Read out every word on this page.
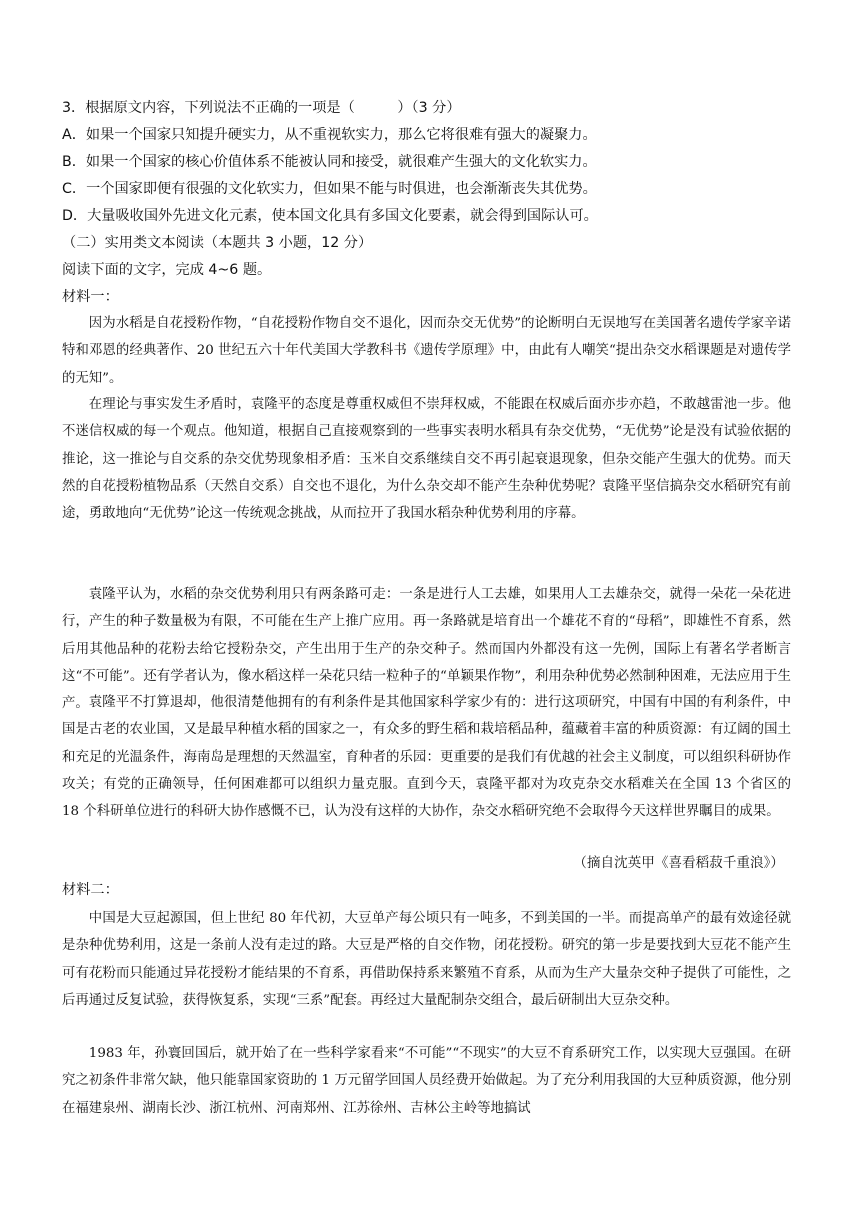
3．根据原文内容，下列说法不正确的一项是（　　　）（3 分）
A．如果一个国家只知提升硬实力，从不重视软实力，那么它将很难有强大的凝聚力。
B．如果一个国家的核心价值体系不能被认同和接受，就很难产生强大的文化软实力。
C．一个国家即便有很强的文化软实力，但如果不能与时俱进，也会渐渐丧失其优势。
D．大量吸收国外先进文化元素，使本国文化具有多国文化要素，就会得到国际认可。
（二）实用类文本阅读（本题共 3 小题，12 分）
阅读下面的文字，完成 4~6 题。
材料一：
因为水稻是自花授粉作物，“自花授粉作物自交不退化，因而杂交无优势”的论断明白无误地写在美国著名遗传学家辛诺特和邓恩的经典著作、20 世纪五六十年代美国大学教科书《遗传学原理》中，由此有人嘲笑“提出杂交水稻课题是对遗传学的无知”。
在理论与事实发生矛盾时，袁隆平的态度是尊重权威但不崇拜权威，不能跟在权威后面亦步亦趋，不敢越雷池一步。他不迷信权威的每一个观点。他知道，根据自己直接观察到的一些事实表明水稻具有杂交优势，“无优势”论是没有试验依据的推论，这一推论与自交系的杂交优势现象相矛盾：玉米自交系继续自交不再引起衰退现象，但杂交能产生强大的优势。而天然的自花授粉植物品系（天然自交系）自交也不退化，为什么杂交却不能产生杂种优势呢？袁隆平坚信搞杂交水稻研究有前途，勇敢地向“无优势”论这一传统观念挑战，从而拉开了我国水稻杂种优势利用的序幕。
袁隆平认为，水稻的杂交优势利用只有两条路可走：一条是进行人工去雄，如果用人工去雄杂交，就得一朵花一朵花进行，产生的种子数量极为有限，不可能在生产上推广应用。再一条路就是培育出一个雄花不育的“母稻”，即雄性不育系，然后用其他品种的花粉去给它授粉杂交，产生出用于生产的杂交种子。然而国内外都没有这一先例，国际上有著名学者断言这“不可能”。还有学者认为，像水稻这样一朵花只结一粒种子的“单颖果作物”，利用杂种优势必然制种困难，无法应用于生产。 袁隆平不打算退却，他很清楚他拥有的有利条件是其他国家科学家少有的：进行这项研究，中国有中国的有利条件，中国是古老的农业国，又是最早种植水稻的国家之一，有众多的野生稻和栽培稻品种，蕴藏着丰富的种质资源：有辽阔的国土和充足的光温条件，海南岛是理想的天然温室，育种者的乐园：更重要的是我们有优越的社会主义制度，可以组织科研协作攻关；有党的正确领导，任何困难都可以组织力量克服。直到今天，袁隆平都对为攻克杂交水稻难关在全国 13 个省区的 18 个科研单位进行的科研大协作感慨不已，认为没有这样的大协作，杂交水稻研究绝不会取得今天这样世界瞩目的成果。
（摘自沈英甲《喜看稻菽千重浪》）
材料二：
中国是大豆起源国，但上世纪 80 年代初，大豆单产每公顷只有一吨多，不到美国的一半。而提高单产的最有效途径就是杂种优势利用，这是一条前人没有走过的路。大豆是严格的自交作物，闭花授粉。研究的第一步是要找到大豆花不能产生可有花粉而只能通过异花授粉才能结果的不育系，再借助保持系来繁殖不育系，从而为生产大量杂交种子提供了可能性，之后再通过反复试验，获得恢复系，实现“三系”配套。再经过大量配制杂交组合，最后研制出大豆杂交种。
1983 年，孙寰回国后，就开始了在一些科学家看来“不可能”“不现实”的大豆不育系研究工作，以实现大豆强国。在研究之初条件非常欠缺，他只能靠国家资助的 1 万元留学回国人员经费开始做起。为了充分利用我国的大豆种质资源，他分别在福建泉州、湖南长沙、浙江杭州、河南郑州、江苏徐州、吉林公主岭等地搞试
